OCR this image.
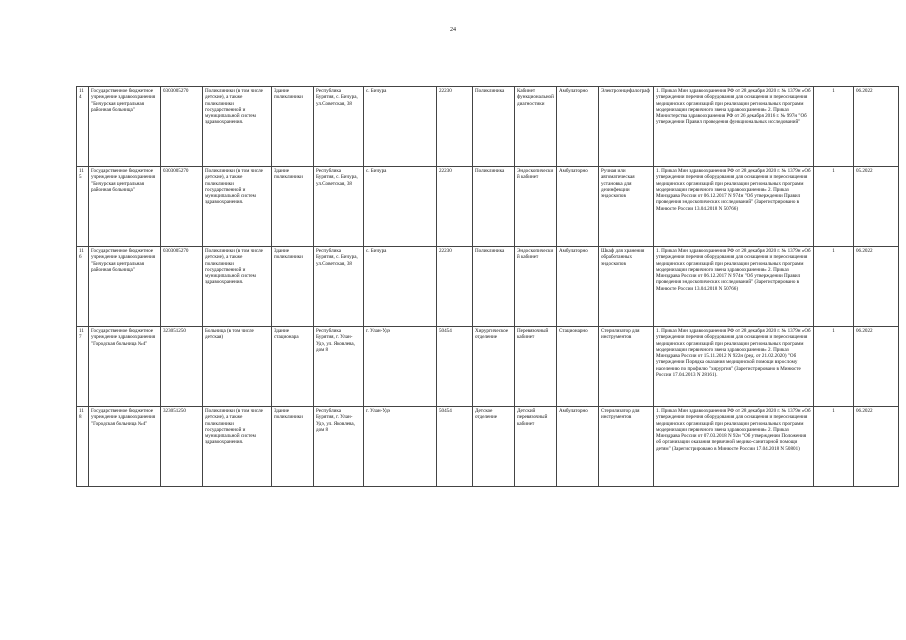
24
114	Государственное бюджетное учреждение здравоохранения "Бичурская центральная районная больница"	0303005270	Поликлиники (в том числе детские), а также поликлиники государственной и муниципальной систем здравоохранения.	Здание поликлиники	Республика Бурятия, с. Бичура, ул.Советская, 38	с. Бичура	22230	Поликлиника	Кабинет функциональной диагностики	Амбулаторно	Электроэнцефалограф	1. Приказ Мин здравоохранения РФ от 28 декабря 2020 г. № 1379н «Об утверждении перечня оборудования для оснащения и переоснащения медицинских организаций при реализации региональных программ модернизации первичного звена здравоохранения» 2. Приказ Министерства здравоохранения РФ от 26 декабря 2016 г. № 997н "Об утверждении Правил проведения функциональных исследований"	1	06.2022
115	Государственное бюджетное учреждение здравоохранения "Бичурская центральная районная больница"	0303005270	Поликлиники (в том числе детские), а также поликлиники государственной и муниципальной систем здравоохранения.	Здание поликлиники	Республика Бурятия, с. Бичура, ул.Советская, 38	с. Бичура	22230	Поликлиника	Эндоскопический кабинет	Амбулаторно	Ручная или автоматическая установка для дезинфекции эндоскопов	1. Приказ Мин здравоохранения РФ от 28 декабря 2020 г. № 1379н «Об утверждении перечня оборудования для оснащения и переоснащения медицинских организаций при реализации региональных программ модернизации первичного звена здравоохранения» 2. Приказ Минздрава России от 06.12.2017 N 974н "Об утверждении Правил проведения эндоскопических исследований" (Зарегистрировано в Минюсте России 13.04.2018 N 50766)	1	05.2022
116	Государственное бюджетное учреждение здравоохранения "Бичурская центральная районная больница"	0303005270	Поликлиники (в том числе детские), а также поликлиники государственной и муниципальной систем здравоохранения.	Здание поликлиники	Республика Бурятия, с. Бичура, ул.Советская, 38	с. Бичура	22230	Поликлиника	Эндоскопический кабинет	Амбулаторно	Шкаф для хранения обработанных эндоскопов	1. Приказ Мин здравоохранения РФ от 28 декабря 2020 г. № 1379н «Об утверждении перечня оборудования для оснащения и переоснащения медицинских организаций при реализации региональных программ модернизации первичного звена здравоохранения» 2. Приказ Минздрава России от 06.12.2017 N 974н "Об утверждении Правил проведения эндоскопических исследований" (Зарегистрировано в Минюсте России 13.04.2018 N 50766)	1	06.2022
117	Государственное бюджетное учреждение здравоохранения "Городская больница №4"	323051250	Больница (в том числе детская)	Здание стационара	Республика Бурятия, г. Улан-Удэ, ул. Яковлева, дом 8	г. Улан-Удэ	50454	Хирургическое отделение	Перевязочный кабинет	Стационарно	Стерилизатор для инструментов	1. Приказ Мин здравоохранения РФ от 28 декабря 2020 г. № 1379н «Об утверждении перечня оборудования для оснащения и переоснащения медицинских организаций при реализации региональных программ модернизации первичного звена здравоохранения» 2. Приказ Минздрава России от 15.11.2012 N 922н (ред. от 21.02.2020) "Об утверждении Порядка оказания медицинской помощи взрослому населению по профилю "хирургия" (Зарегистрировано в Минюсте России 17.04.2013 N 28161).	1	06.2022
118	Государственное бюджетное учреждение здравоохранения "Городская больница №4"	323051250	Поликлиники (в том числе детские), а также поликлиники государственной и муниципальной систем здравоохранения.	Здание поликлиники	Республика Бурятия, г. Улан-Удэ, ул. Яковлева, дом 8	г. Улан-Удэ	50454	Детское отделение	Детский перевязочный кабинет	Амбулаторно	Стерилизатор для инструментов	1. Приказ Мин здравоохранения РФ от 28 декабря 2020 г. № 1379н «Об утверждении перечня оборудования для оснащения и переоснащения медицинских организаций при реализации региональных программ модернизации первичного звена здравоохранения» 2. Приказ Минздрава России от 07.03.2018 N 92н "Об утверждении Положения об организации оказания первичной медико-санитарной помощи детям" (Зарегистрировано в Минюсте России 17.04.2018 N 50801)	1	06.2022
